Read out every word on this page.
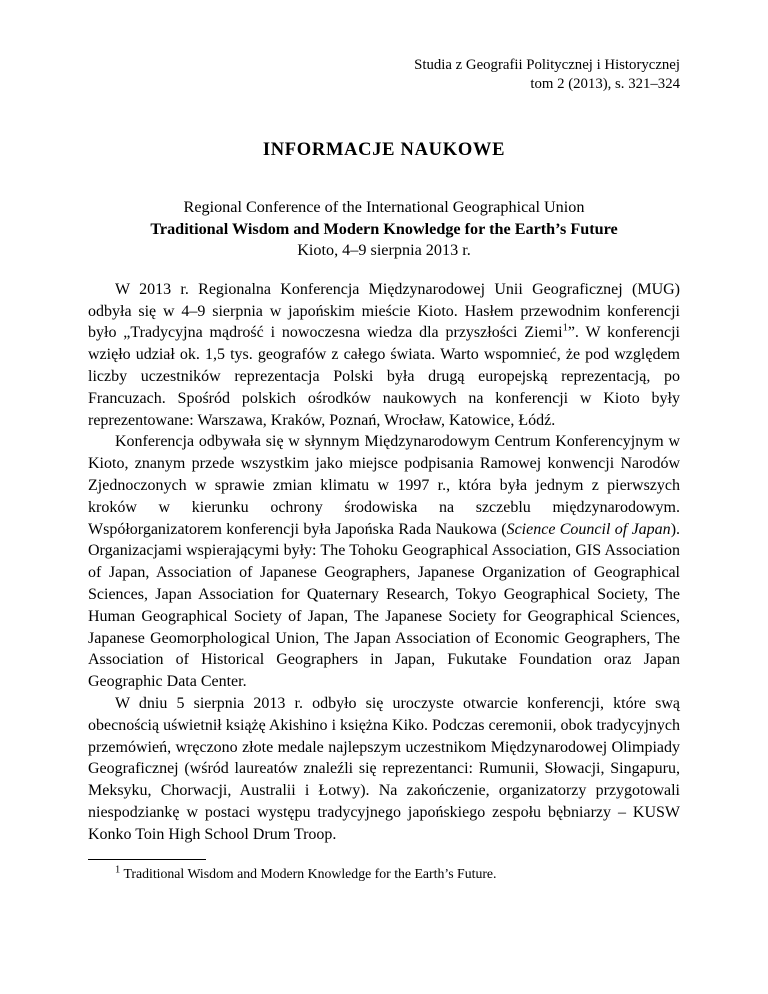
Studia z Geografii Politycznej i Historycznej
tom 2 (2013), s. 321–324
INFORMACJE NAUKOWE
Regional Conference of the International Geographical Union
Traditional Wisdom and Modern Knowledge for the Earth’s Future
Kioto, 4–9 sierpnia 2013 r.

W 2013 r. Regionalna Konferencja Międzynarodowej Unii Geograficznej (MUG) odbyła się w 4–9 sierpnia w japońskim mieście Kioto. Hasłem przewodnim konferencji było „Tradycyjna mądrość i nowoczesna wiedza dla przyszłości Ziemi$^1$”. W konferencji wzięło udział ok. 1,5 tys. geografów z całego świata. Warto wspomnieć, że pod względem liczby uczestników reprezentacja Polski była drugą europejską reprezentacją, po Francuzach. Spośród polskich ośrodków naukowych na konferencji w Kioto były reprezentowane: Warszawa, Kraków, Poznań, Wrocław, Katowice, Łódź.

Konferencja odbywała się w słynnym Międzynarodowym Centrum Konferencyjnym w Kioto, znanym przede wszystkim jako miejsce podpisania Ramowej konwencji Narodów Zjednoczonych w sprawie zmian klimatu w 1997 r., która była jednym z pierwszych kroków w kierunku ochrony środowiska na szczeblu międzynarodowym. Współorganizatorem konferencji była Japońska Rada Naukowa (Science Council of Japan). Organizacjami wspierającymi były: The Tohoku Geographical Association, GIS Association of Japan, Association of Japanese Geographers, Japanese Organization of Geographical Sciences, Japan Association for Quaternary Research, Tokyo Geographical Society, The Human Geographical Society of Japan, The Japanese Society for Geographical Sciences, Japanese Geomorphological Union, The Japan Association of Economic Geographers, The Association of Historical Geographers in Japan, Fukutake Foundation oraz Japan Geographic Data Center.

W dniu 5 sierpnia 2013 r. odbyło się uroczyste otwarcie konferencji, które swą obecnością uświetnił książę Akishino i księżna Kiko. Podczas ceremonii, obok tradycyjnych przemówień, wręczono złote medale najlepszym uczestnikom Międzynarodowej Olimpiady Geograficznej (wśród laureatów znaleźli się reprezentanci: Rumunii, Słowacji, Singapuru, Meksyku, Chorwacji, Australii i Łotwy). Na zakończenie, organizatorzy przygotowali niespodziankę w postaci występu tradycyjnego japońskiego zespołu bębniarzy – KUSW Konko Toin High School Drum Troop.

$^1$ Traditional Wisdom and Modern Knowledge for the Earth’s Future.
